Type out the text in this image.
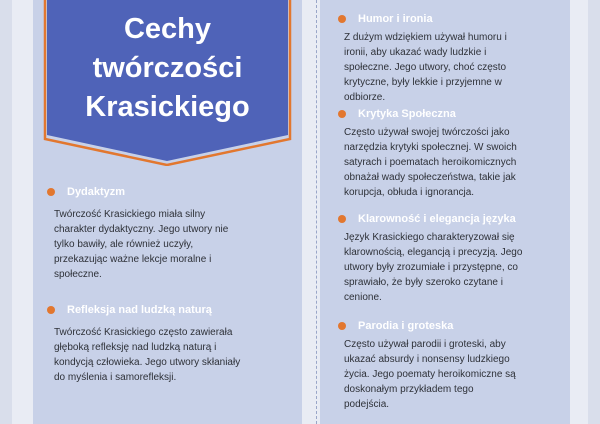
Cechy
twórczości
Krasickiego
Dydaktyzm
Twórczość Krasickiego miała silny
charakter dydaktyczny. Jego utwory nie
tylko bawiły, ale również uczyły,
przekazując ważne lekcje moralne i
społeczne.
Refleksja nad ludzką naturą
Twórczość Krasickiego często zawierała
głęboką refleksję nad ludzką naturą i
kondycją człowieka. Jego utwory skłaniały
do myślenia i samorefleksji.
Humor i ironia
Z dużym wdziękiem używał humoru i
ironii, aby ukazać wady ludzkie i
społeczne. Jego utwory, choć często
krytyczne, były lekkie i przyjemne w
odbiorze.
Krytyka Społeczna
Często używał swojej twórczości jako
narzędzia krytyki społecznej. W swoich
satyrach i poematach heroikomicznych
obnażał wady społeczeństwa, takie jak
korupcja, obłuda i ignorancja.
Klarowność i elegancja języka
Język Krasickiego charakteryzował się
klarownością, elegancją i precyzją. Jego
utwory były zrozumiałe i przystępne, co
sprawiało, że były szeroko czytane i
cenione.
Parodia i groteska
Często używał parodii i groteski, aby
ukazać absurdy i nonsensy ludzkiego
życia. Jego poematy heroikomiczne są
doskonałym przykładem tego
podejścia.
